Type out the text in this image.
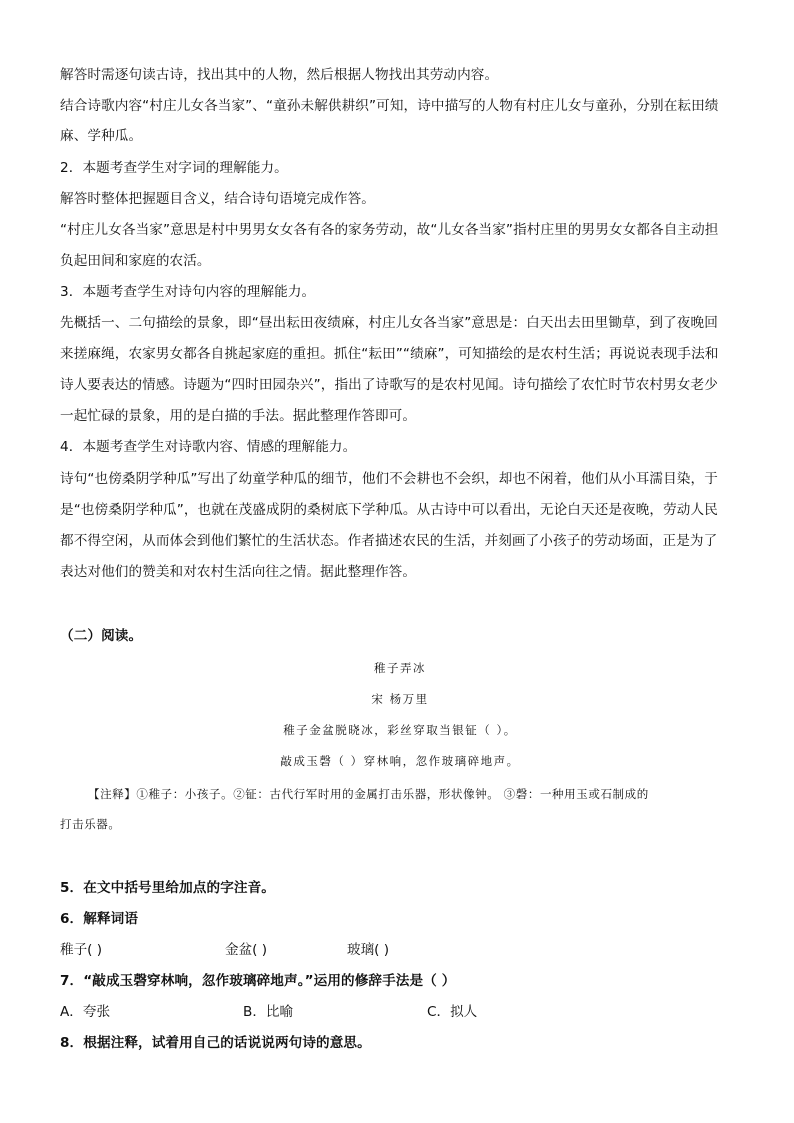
解答时需逐句读古诗，找出其中的人物，然后根据人物找出其劳动内容。
结合诗歌内容“村庄儿女各当家”、“童孙未解供耕织”可知，诗中描写的人物有村庄儿女与童孙，分别在耘田绩
麻、学种瓜。
2．本题考查学生对字词的理解能力。
解答时整体把握题目含义，结合诗句语境完成作答。
“村庄儿女各当家”意思是村中男男女女各有各的家务劳动，故“儿女各当家”指村庄里的男男女女都各自主动担
负起田间和家庭的农活。
3．本题考查学生对诗句内容的理解能力。
先概括一、二句描绘的景象，即“昼出耘田夜绩麻，村庄儿女各当家”意思是：白天出去田里锄草，到了夜晚回
来搓麻绳，农家男女都各自挑起家庭的重担。抓住“耘田”“绩麻”，可知描绘的是农村生活；再说说表现手法和
诗人要表达的情感。诗题为“四时田园杂兴”，指出了诗歌写的是农村见闻。诗句描绘了农忙时节农村男女老少
一起忙碌的景象，用的是白描的手法。据此整理作答即可。
4．本题考查学生对诗歌内容、情感的理解能力。
诗句“也傍桑阴学种瓜”写出了幼童学种瓜的细节，他们不会耕也不会织，却也不闲着，他们从小耳濡目染，于
是“也傍桑阴学种瓜”，也就在茂盛成阴的桑树底下学种瓜。从古诗中可以看出，无论白天还是夜晚，劳动人民
都不得空闲，从而体会到他们繁忙的生活状态。作者描述农民的生活，并刻画了小孩子的劳动场面，正是为了
表达对他们的赞美和对农村生活向往之情。据此整理作答。
（二）阅读。
稚子弄冰
宋 杨万里
稚子金盆脱晓冰，彩丝穿取当银钲（ ）。
敲成玉磬（ ）穿林响，忽作玻璃碎地声。
【注释】①稚子：小孩子。②钲：古代行军时用的金属打击乐器，形状像钟。 ③磬：一种用玉或石制成的
打击乐器。
5．在文中括号里给加点的字注音。
6．解释词语
稚子( )	金盆( )	玻璃( )
7．“敲成玉磬穿林响，忽作玻璃碎地声。”运用的修辞手法是（ ）
A．夸张	B．比喻	C．拟人
8．根据注释，试着用自己的话说说两句诗的意思。
